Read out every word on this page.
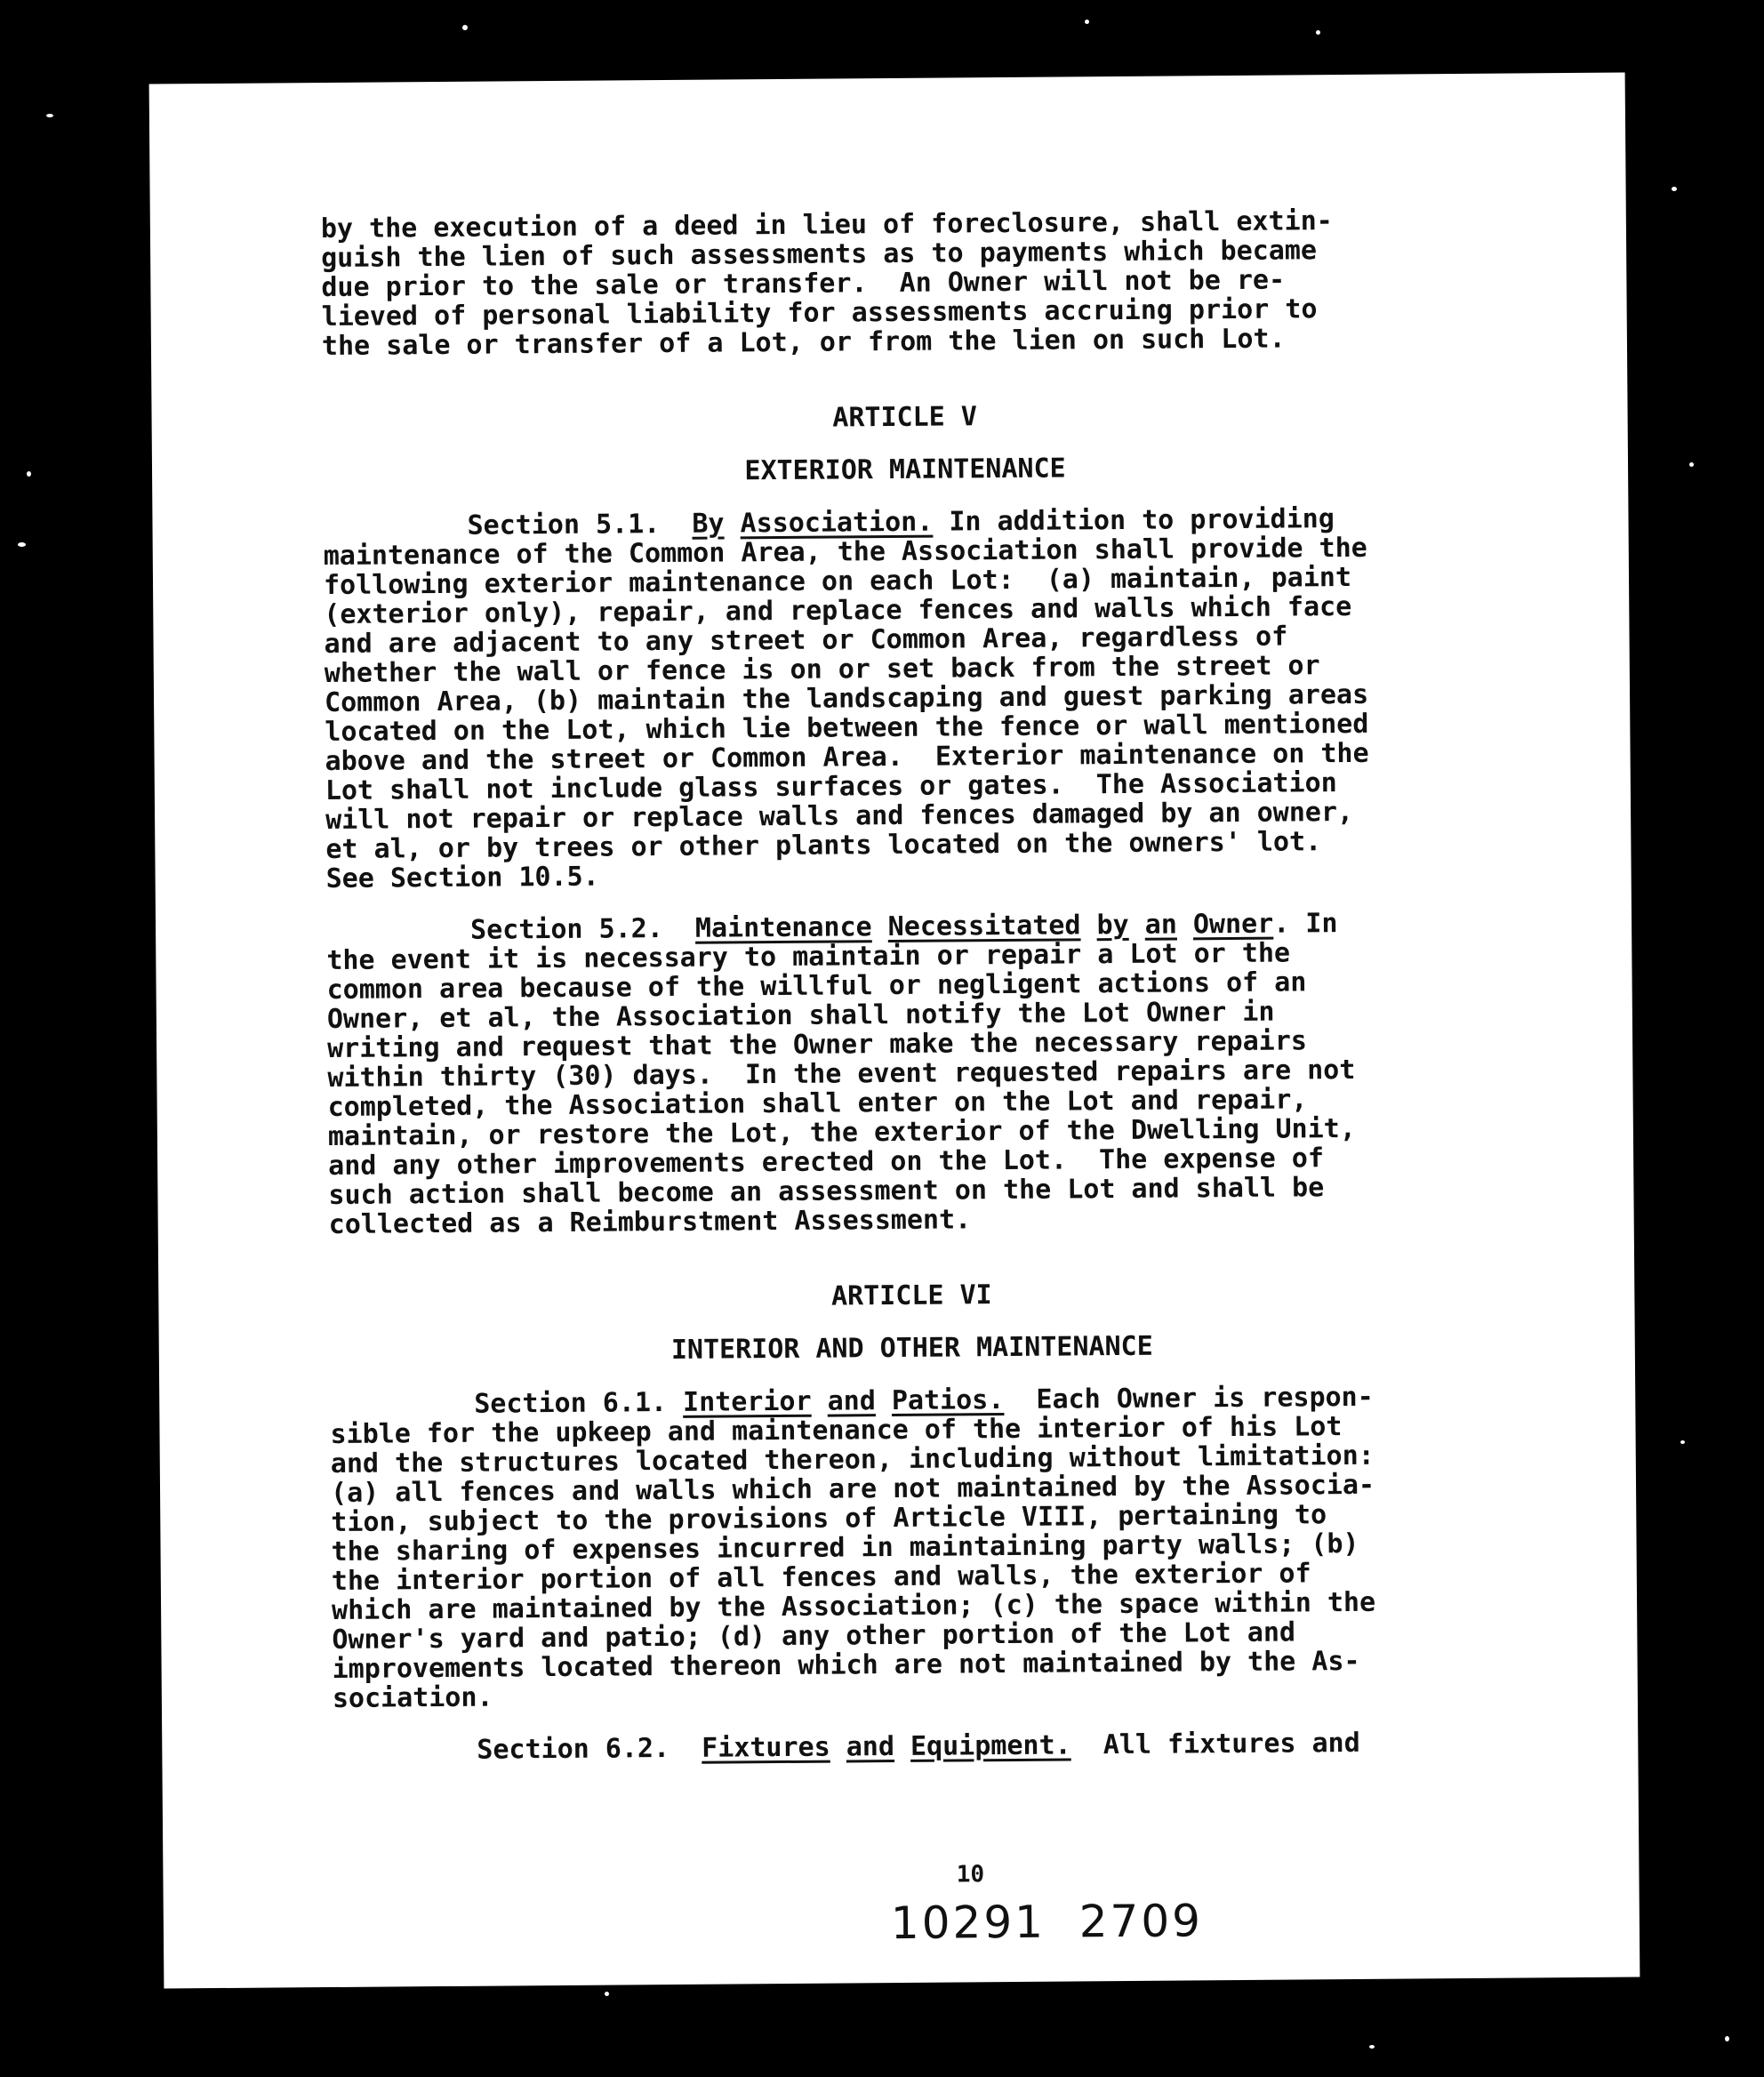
by the execution of a deed in lieu of foreclosure, shall extin-
guish the lien of such assessments as to payments which became
due prior to the sale or transfer.  An Owner will not be re-
lieved of personal liability for assessments accruing prior to
the sale or transfer of a Lot, or from the lien on such Lot.
ARTICLE V
EXTERIOR MAINTENANCE
Section 5.1. By Association. In addition to providing
maintenance of the Common Area, the Association shall provide the
following exterior maintenance on each Lot:  (a) maintain, paint
(exterior only), repair, and replace fences and walls which face
and are adjacent to any street or Common Area, regardless of
whether the wall or fence is on or set back from the street or
Common Area, (b) maintain the landscaping and guest parking areas
located on the Lot, which lie between the fence or wall mentioned
above and the street or Common Area.  Exterior maintenance on the
Lot shall not include glass surfaces or gates.  The Association
will not repair or replace walls and fences damaged by an owner,
et al, or by trees or other plants located on the owners' lot.
See Section 10.5.
Section 5.2. Maintenance Necessitated by an Owner. In
the event it is necessary to maintain or repair a Lot or the
common area because of the willful or negligent actions of an
Owner, et al, the Association shall notify the Lot Owner in
writing and request that the Owner make the necessary repairs
within thirty (30) days.  In the event requested repairs are not
completed, the Association shall enter on the Lot and repair,
maintain, or restore the Lot, the exterior of the Dwelling Unit,
and any other improvements erected on the Lot.  The expense of
such action shall become an assessment on the Lot and shall be
collected as a Reimburstment Assessment.
ARTICLE VI
INTERIOR AND OTHER MAINTENANCE
Section 6.1. Interior and Patios. Each Owner is respon-
sible for the upkeep and maintenance of the interior of his Lot
and the structures located thereon, including without limitation:
(a) all fences and walls which are not maintained by the Associa-
tion, subject to the provisions of Article VIII, pertaining to
the sharing of expenses incurred in maintaining party walls; (b)
the interior portion of all fences and walls, the exterior of
which are maintained by the Association; (c) the space within the
Owner's yard and patio; (d) any other portion of the Lot and
improvements located thereon which are not maintained by the As-
sociation.
Section 6.2. Fixtures and Equipment. All fixtures and
10
10291  2709
